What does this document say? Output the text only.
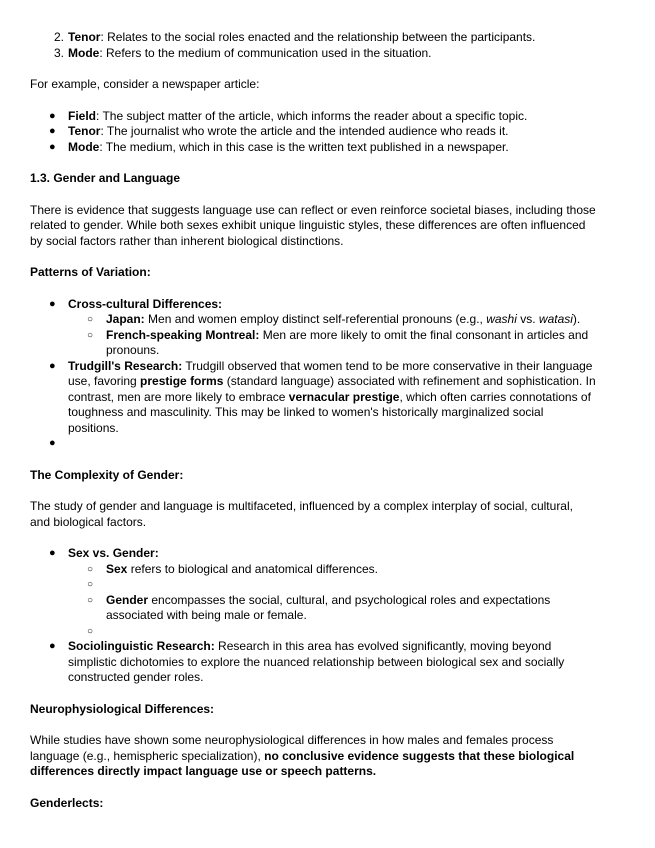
2. Tenor: Relates to the social roles enacted and the relationship between the participants.
3. Mode: Refers to the medium of communication used in the situation.

For example, consider a newspaper article:

● Field: The subject matter of the article, which informs the reader about a specific topic.
● Tenor: The journalist who wrote the article and the intended audience who reads it.
● Mode: The medium, which in this case is the written text published in a newspaper.

1.3. Gender and Language

There is evidence that suggests language use can reflect or even reinforce societal biases, including those related to gender. While both sexes exhibit unique linguistic styles, these differences are often influenced by social factors rather than inherent biological distinctions.

Patterns of Variation:

● Cross-cultural Differences:
○ Japan: Men and women employ distinct self-referential pronouns (e.g., washi vs. watasi).
○ French-speaking Montreal: Men are more likely to omit the final consonant in articles and pronouns.
● Trudgill's Research: Trudgill observed that women tend to be more conservative in their language use, favoring prestige forms (standard language) associated with refinement and sophistication. In contrast, men are more likely to embrace vernacular prestige, which often carries connotations of toughness and masculinity. This may be linked to women's historically marginalized social positions.
●

The Complexity of Gender:

The study of gender and language is multifaceted, influenced by a complex interplay of social, cultural, and biological factors.

● Sex vs. Gender:
○ Sex refers to biological and anatomical differences.
○
○ Gender encompasses the social, cultural, and psychological roles and expectations associated with being male or female.
○
● Sociolinguistic Research: Research in this area has evolved significantly, moving beyond simplistic dichotomies to explore the nuanced relationship between biological sex and socially constructed gender roles.

Neurophysiological Differences:

While studies have shown some neurophysiological differences in how males and females process language (e.g., hemispheric specialization), no conclusive evidence suggests that these biological differences directly impact language use or speech patterns.

Genderlects:
